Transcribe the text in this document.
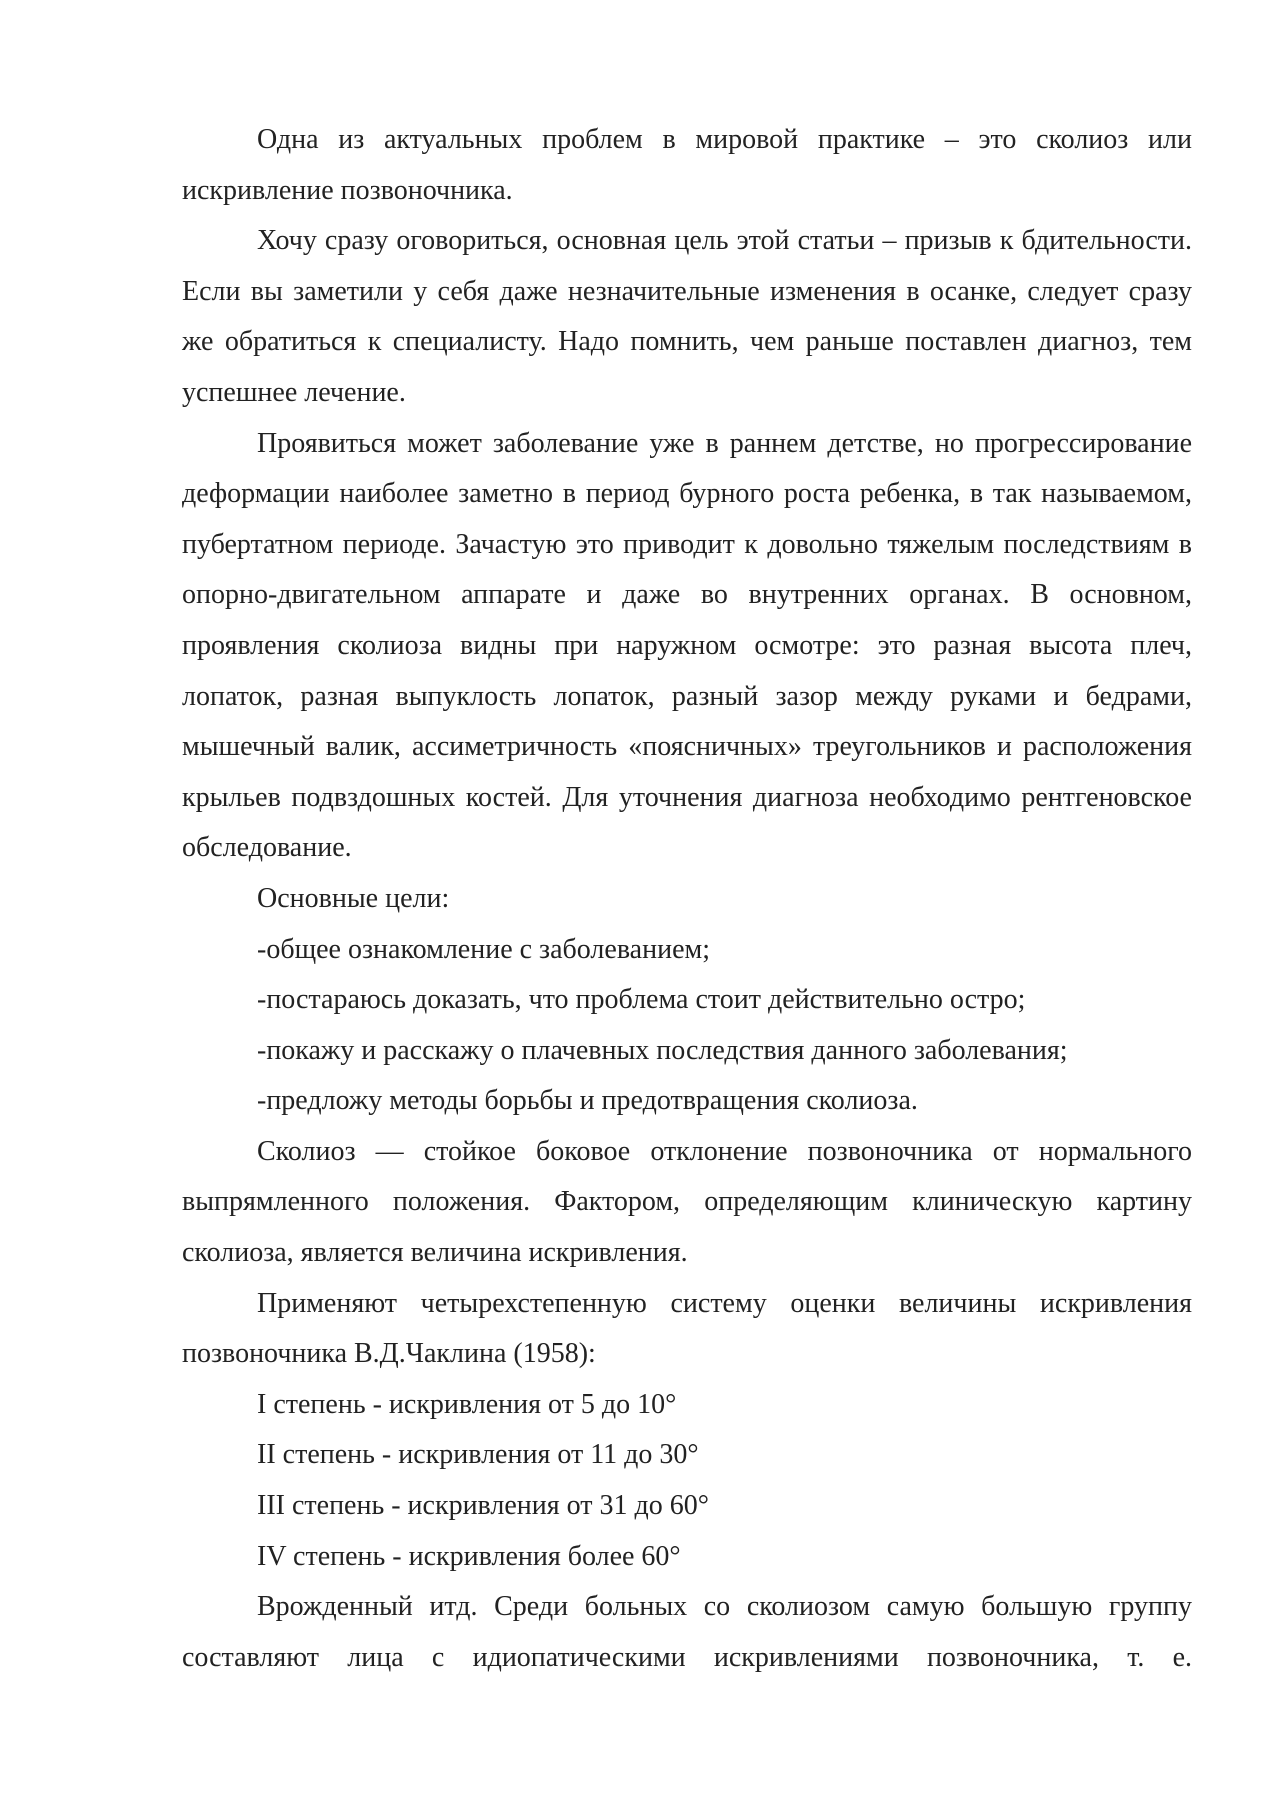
Одна из актуальных проблем в мировой практике – это сколиоз или искривление позвоночника.

Хочу сразу оговориться, основная цель этой статьи – призыв к бдительности. Если вы заметили у себя даже незначительные изменения в осанке, следует сразу же обратиться к специалисту. Надо помнить, чем раньше поставлен диагноз, тем успешнее лечение.

Проявиться может заболевание уже в раннем детстве, но прогрессирование деформации наиболее заметно в период бурного роста ребенка, в так называемом, пубертатном периоде. Зачастую это приводит к довольно тяжелым последствиям в опорно-двигательном аппарате и даже во внутренних органах. В основном, проявления сколиоза видны при наружном осмотре: это разная высота плеч, лопаток, разная выпуклость лопаток, разный зазор между руками и бедрами, мышечный валик, ассиметричность «поясничных» треугольников и расположения крыльев подвздошных костей. Для уточнения диагноза необходимо рентгеновское обследование.

Основные цели:

-общее ознакомление с заболеванием;

-постараюсь доказать, что проблема стоит действительно остро;

-покажу и расскажу о плачевных последствия данного заболевания;

-предложу методы борьбы и предотвращения сколиоза.

Сколиоз — стойкое боковое отклонение позвоночника от нормального выпрямленного положения. Фактором, определяющим клиническую картину сколиоза, является величина искривления.

Применяют четырехстепенную систему оценки величины искривления позвоночника В.Д.Чаклина (1958):

I степень - искривления от 5 до 10°

II степень - искривления от 11 до 30°

III степень - искривления от 31 до 60°

IV степень - искривления более 60°

Врожденный итд. Среди больных со сколиозом самую большую группу составляют лица с идиопатическими искривлениями позвоночника, т. е.
